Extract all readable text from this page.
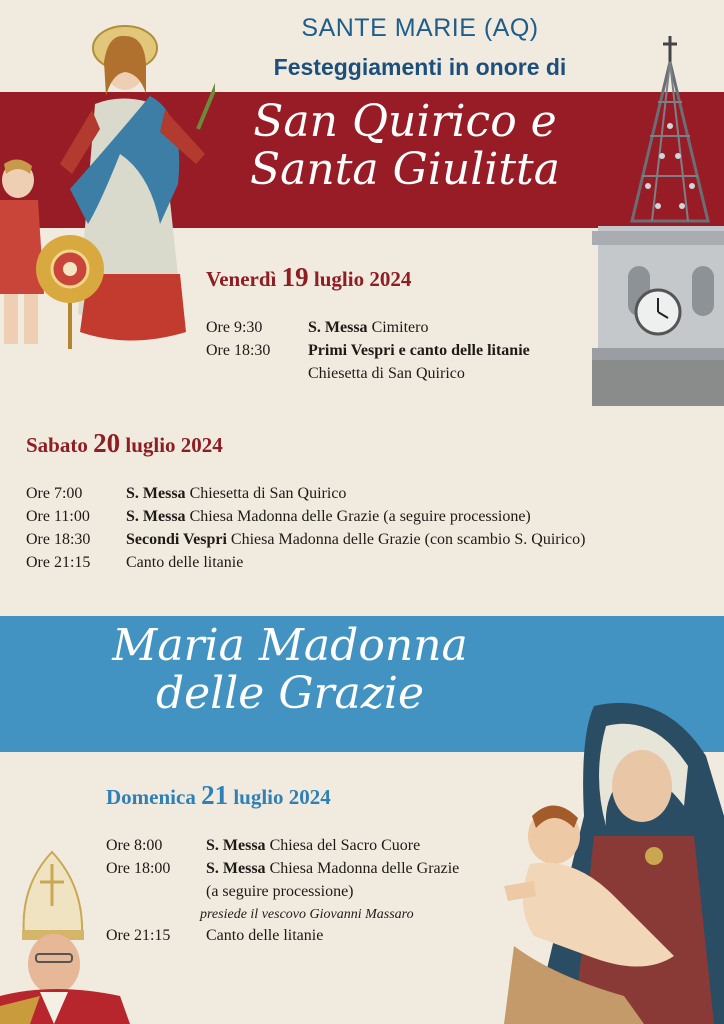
SANTE MARIE (AQ)
Festeggiamenti in onore di
San Quirico e
Santa Giulitta
Venerdì 19 luglio 2024
Ore 9:30	S. Messa Cimitero
Ore 18:30 Primi Vespri e canto delle litanie
Chiesetta di San Quirico
Sabato 20 luglio 2024
Ore 7:00	S. Messa Chiesetta di San Quirico
Ore 11:00 S. Messa Chiesa Madonna delle Grazie (a seguire processione)
Ore 18:30 Secondi Vespri Chiesa Madonna delle Grazie (con scambio S. Quirico)
Ore 21:15 Canto delle litanie
Maria Madonna
delle Grazie
Domenica 21 luglio 2024
Ore 8:00	S. Messa Chiesa del Sacro Cuore
Ore 18:00 S. Messa Chiesa Madonna delle Grazie
(a seguire processione)
presiede il vescovo Giovanni Massaro
Ore 21:15 Canto delle litanie
